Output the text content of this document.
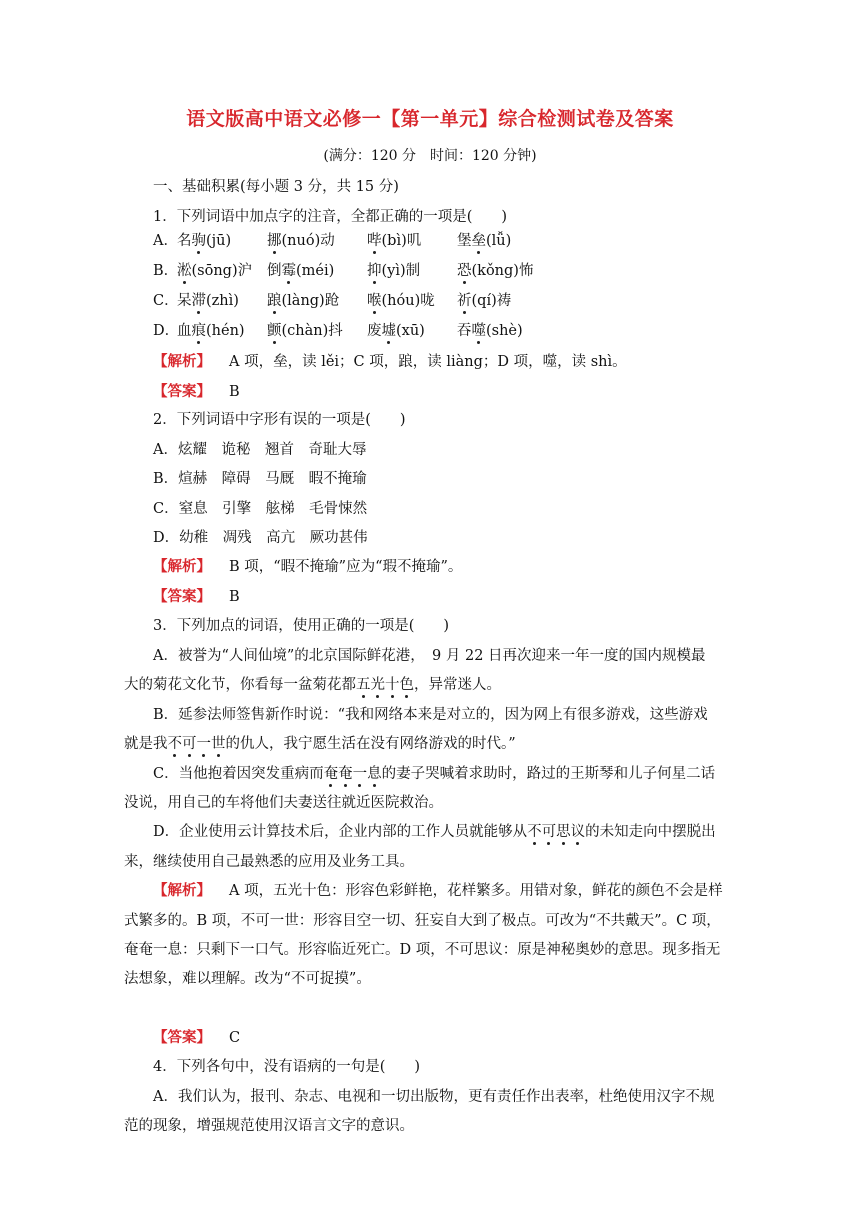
语文版高中语文必修一【第一单元】综合检测试卷及答案
(满分：120 分　时间：120 分钟)
一、基础积累(每小题 3 分，共 15 分)
1．下列词语中加点字的注音，全都正确的一项是(　　)
A． 名驹(jū) 挪(nuó)动 哔(bì)叽 堡垒(lǚ)
B．
淞(sōng)沪 倒霉(méi) 抑(yì)制	恐(kǒng)怖
C．
呆滞(zhì) 踉(làng)跄 喉(hóu)咙 祈(qí)祷
D．
血痕(hén) 颤(chàn)抖 废墟(xū) 吞噬(shè)
【解析】 A 项，垒，读 lěi；C 项，踉，读 liàng；D 项，噬，读 shì。
【答案】 B
2．下列词语中字形有误的一项是(　　)
A．炫耀　诡秘　翘首　奇耻大辱
B．煊赫　障碍　马厩　暇不掩瑜
C．窒息　引擎　舷梯　毛骨悚然
D．幼稚　凋残　高亢　厥功甚伟
【解析】 B 项，“暇不掩瑜”应为“瑕不掩瑜”。
【答案】 B
3．下列加点的词语，使用正确的一项是(　　)
A．被誉为“人间仙境”的北京国际鲜花港，　9 月 22 日再次迎来一年一度的国内规模最
大的菊花文化节，你看每一盆菊花都五光十色，异常迷人。
B．延参法师签售新作时说：“我和网络本来是对立的，因为网上有很多游戏，这些游戏
就是我不可一世的仇人，我宁愿生活在没有网络游戏的时代。”
C．当他抱着因突发重病而奄奄一息的妻子哭喊着求助时，路过的王斯琴和儿子何星二话
没说，用自己的车将他们夫妻送往就近医院救治。
D．企业使用云计算技术后，企业内部的工作人员就能够从不可思议的未知走向中摆脱出
来，继续使用自己最熟悉的应用及业务工具。
【解析】 A 项，五光十色：形容色彩鲜艳，花样繁多。用错对象，鲜花的颜色不会是样
式繁多的。B 项，不可一世：形容目空一切、狂妄自大到了极点。可改为“不共戴天”。C 项，
奄奄一息：只剩下一口气。形容临近死亡。D 项，不可思议：原是神秘奥妙的意思。现多指无
法想象，难以理解。改为“不可捉摸”。
【答案】 C
4．下列各句中，没有语病的一句是(　　)
A．我们认为，报刊、杂志、电视和一切出版物，更有责任作出表率，杜绝使用汉字不规
范的现象，增强规范使用汉语言文字的意识。
